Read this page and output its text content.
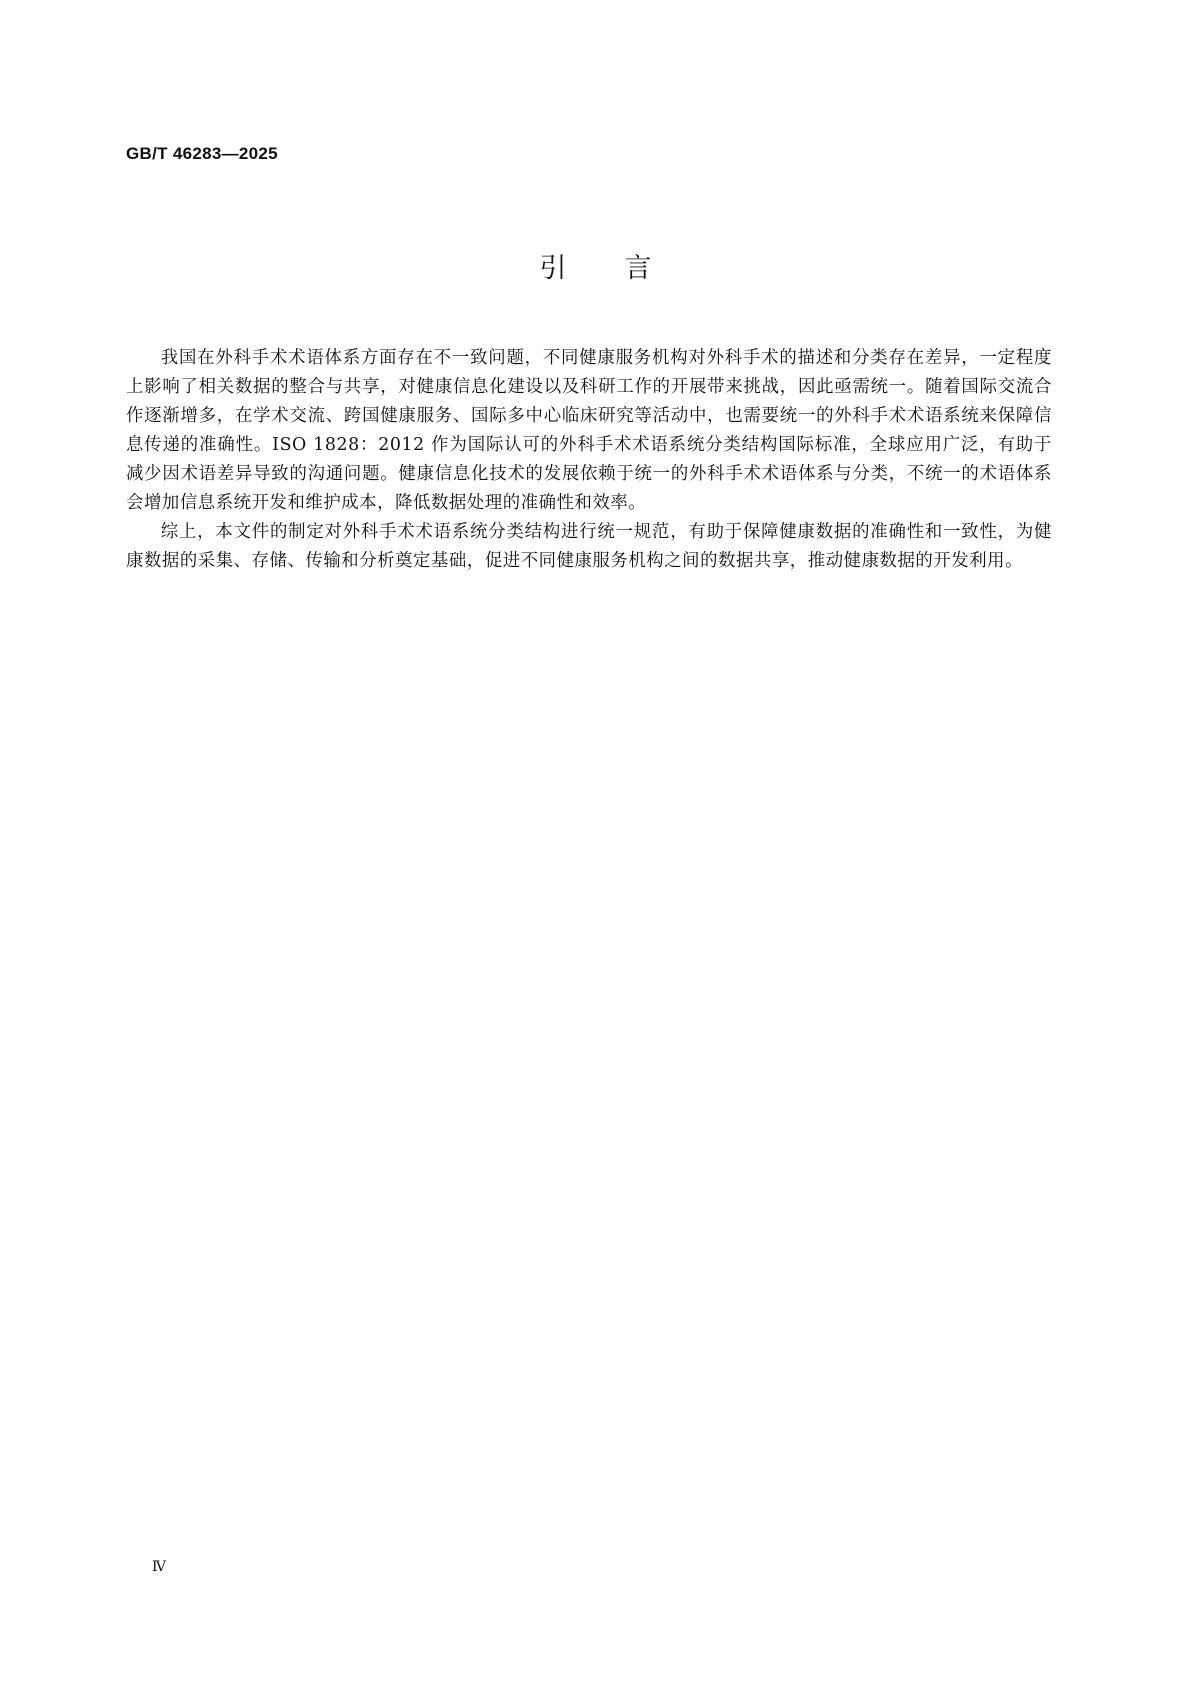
GB/T 46283—2025
引言

我国在外科手术术语体系方面存在不一致问题，不同健康服务机构对外科手术的描述和分类存在差异，一定程度上影响了相关数据的整合与共享，对健康信息化建设以及科研工作的开展带来挑战，因此亟需统一。随着国际交流合作逐渐增多，在学术交流、跨国健康服务、国际多中心临床研究等活动中，也需要统一的外科手术术语系统来保障信息传递的准确性。ISO 1828：2012 作为国际认可的外科手术术语系统分类结构国际标准，全球应用广泛，有助于减少因术语差异导致的沟通问题。健康信息化技术的发展依赖于统一的外科手术术语体系与分类，不统一的术语体系会增加信息系统开发和维护成本，降低数据处理的准确性和效率。

综上，本文件的制定对外科手术术语系统分类结构进行统一规范，有助于保障健康数据的准确性和一致性，为健康数据的采集、存储、传输和分析奠定基础，促进不同健康服务机构之间的数据共享，推动健康数据的开发利用。

Ⅳ
